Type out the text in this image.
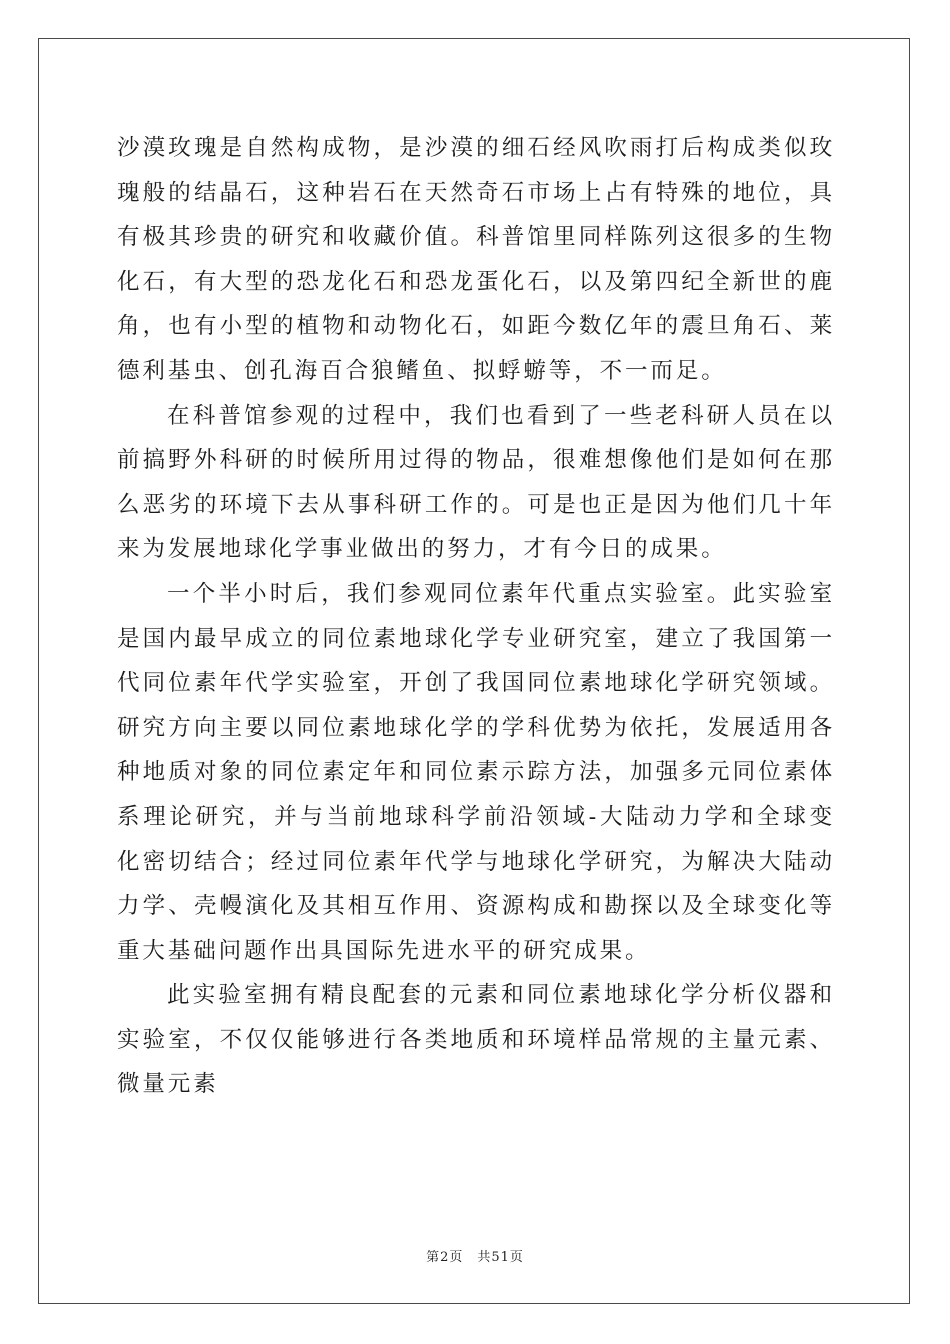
沙漠玫瑰是自然构成物，是沙漠的细石经风吹雨打后构成类似玫瑰般的结晶石，这种岩石在天然奇石市场上占有特殊的地位，具有极其珍贵的研究和收藏价值。科普馆里同样陈列这很多的生物化石，有大型的恐龙化石和恐龙蛋化石，以及第四纪全新世的鹿角，也有小型的植物和动物化石，如距今数亿年的震旦角石、莱德利基虫、创孔海百合狼鳍鱼、拟蜉蝣等，不一而足。

在科普馆参观的过程中，我们也看到了一些老科研人员在以前搞野外科研的时候所用过得的物品，很难想像他们是如何在那么恶劣的环境下去从事科研工作的。可是也正是因为他们几十年来为发展地球化学事业做出的努力，才有今日的成果。

一个半小时后，我们参观同位素年代重点实验室。此实验室是国内最早成立的同位素地球化学专业研究室，建立了我国第一代同位素年代学实验室，开创了我国同位素地球化学研究领域。研究方向主要以同位素地球化学的学科优势为依托，发展适用各种地质对象的同位素定年和同位素示踪方法，加强多元同位素体系理论研究，并与当前地球科学前沿领域-大陆动力学和全球变化密切结合；经过同位素年代学与地球化学研究，为解决大陆动力学、壳幔演化及其相互作用、资源构成和勘探以及全球变化等重大基础问题作出具国际先进水平的研究成果。

此实验室拥有精良配套的元素和同位素地球化学分析仪器和实验室，不仅仅能够进行各类地质和环境样品常规的主量元素、微量元素

第2页 共51页
